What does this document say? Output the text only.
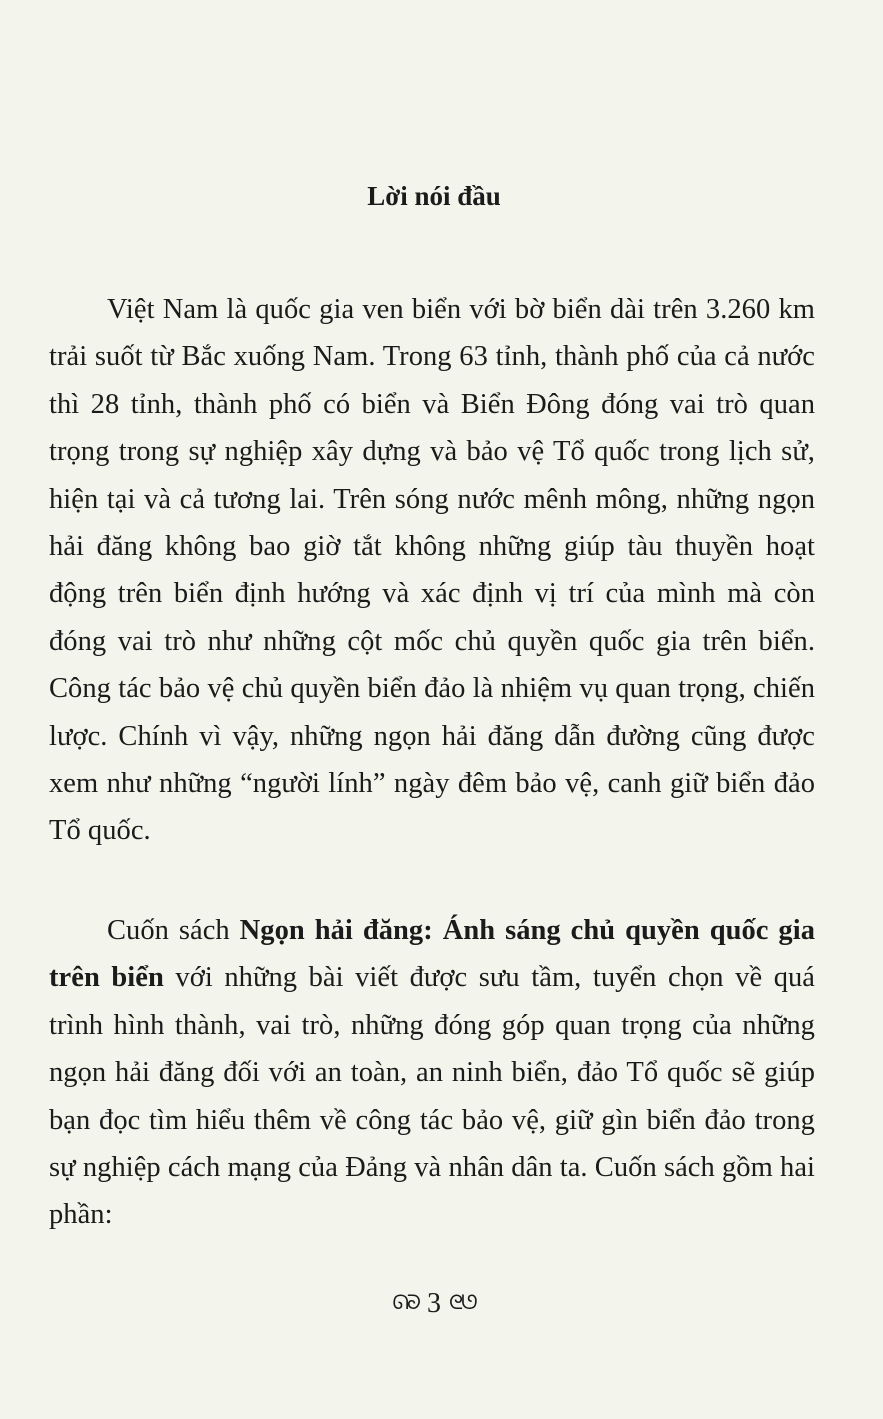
Lời nói đầu

Việt Nam là quốc gia ven biển với bờ biển dài trên 3.260 km trải suốt từ Bắc xuống Nam. Trong 63 tỉnh, thành phố của cả nước thì 28 tỉnh, thành phố có biển và Biển Đông đóng vai trò quan trọng trong sự nghiệp xây dựng và bảo vệ Tổ quốc trong lịch sử, hiện tại và cả tương lai. Trên sóng nước mênh mông, những ngọn hải đăng không bao giờ tắt không những giúp tàu thuyền hoạt động trên biển định hướng và xác định vị trí của mình mà còn đóng vai trò như những cột mốc chủ quyền quốc gia trên biển. Công tác bảo vệ chủ quyền biển đảo là nhiệm vụ quan trọng, chiến lược. Chính vì vậy, những ngọn hải đăng dẫn đường cũng được xem như những “người lính” ngày đêm bảo vệ, canh giữ biển đảo Tổ quốc.

Cuốn sách Ngọn hải đăng: Ánh sáng chủ quyền quốc gia trên biển với những bài viết được sưu tầm, tuyển chọn về quá trình hình thành, vai trò, những đóng góp quan trọng của những ngọn hải đăng đối với an toàn, an ninh biển, đảo Tổ quốc sẽ giúp bạn đọc tìm hiểu thêm về công tác bảo vệ, giữ gìn biển đảo trong sự nghiệp cách mạng của Đảng và nhân dân ta. Cuốn sách gồm hai phần:

ᘏᘐ 3 ᘓᘎ
